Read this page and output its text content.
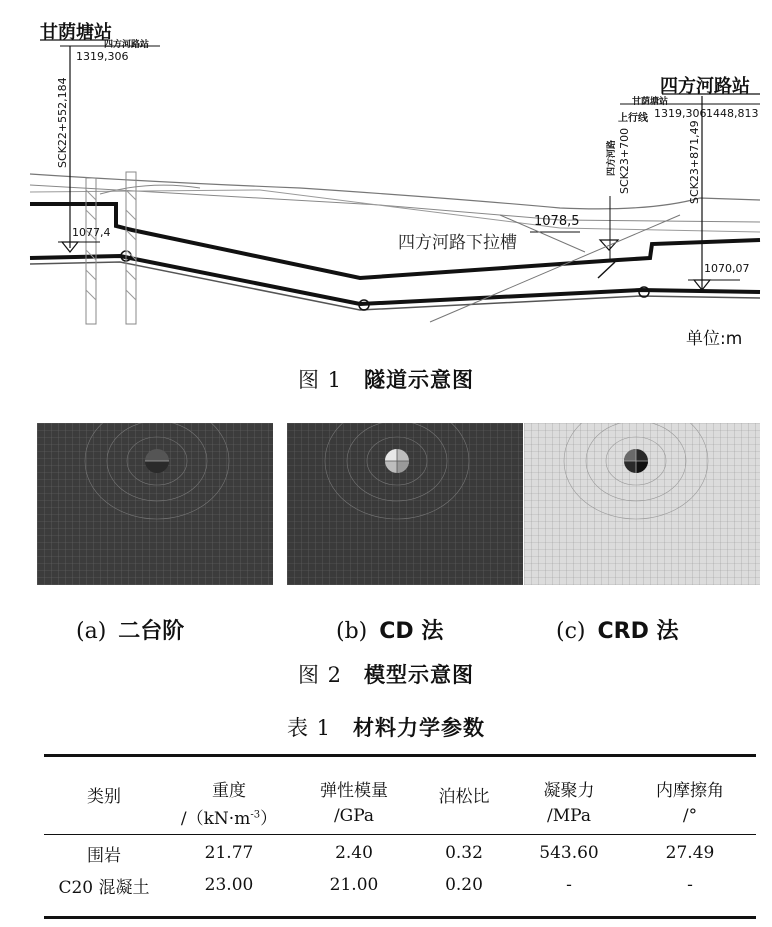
甘荫塘站
四方河路站
1319,306
SCK22+552,184
1077,4
四方河路站
甘荫塘站
上行线 1319,306 1448,813
SCK23+871,49
四方河路 SCK23+700
1078,5
四方河路下拉槽
1070,07
单位:m
图 1 隧道示意图
(a) 二台阶	(b) CD 法	(c) CRD 法
图 2 模型示意图
表 1 材料力学参数
类别	重度	弹性模量	泊松比	凝聚力	内摩擦角
	$/(kN\cdot m^{-3})$	/GPa		/MPa	/°
围岩	21.77	2.40	0.32	543.60	27.49
C20 混凝土	23.00	21.00	0.20	-	-
